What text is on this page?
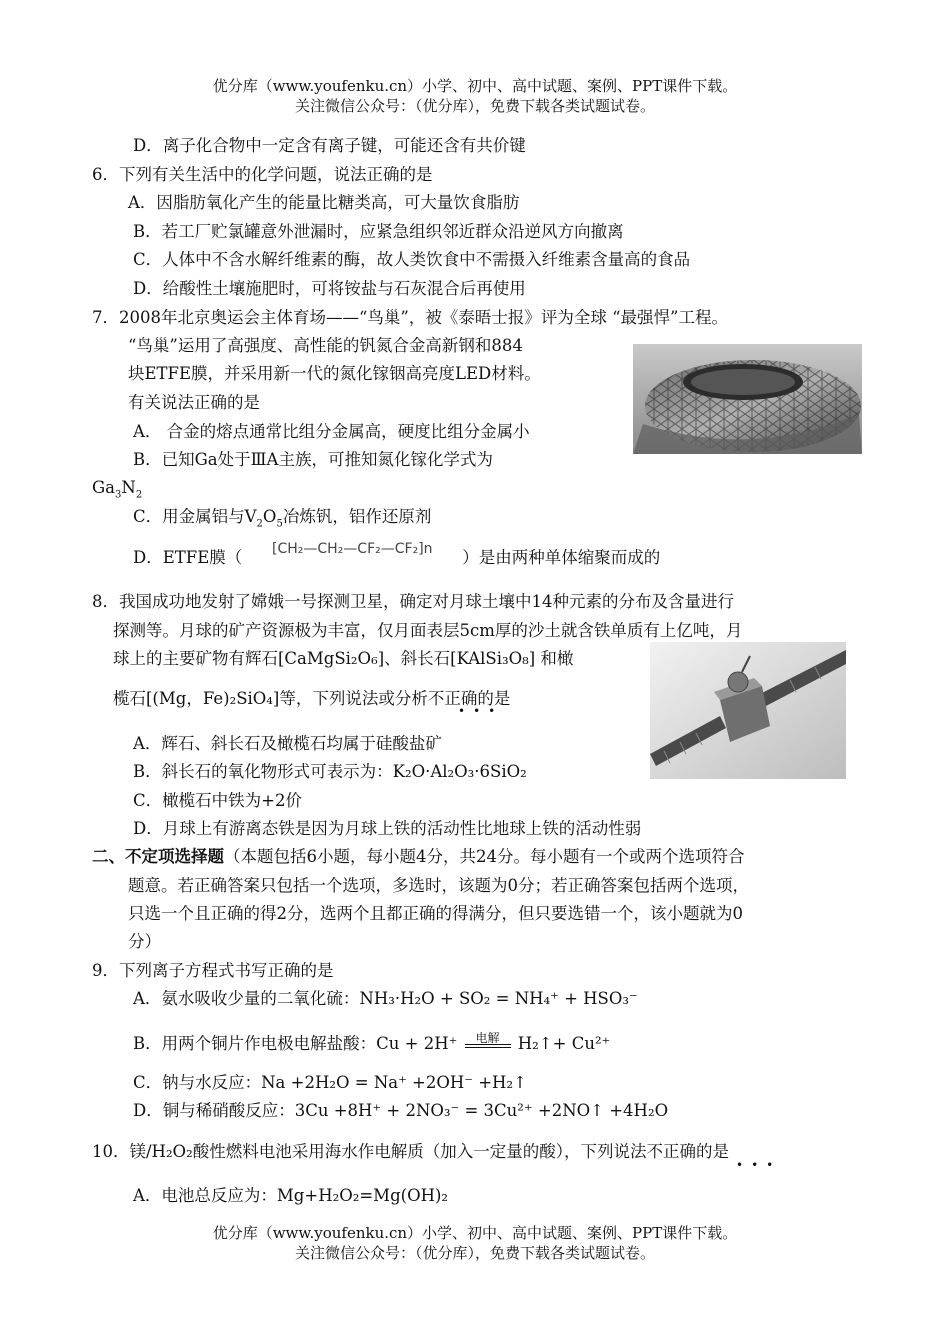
优分库（www.youfenku.cn）小学、初中、高中试题、案例、PPT课件下载。
关注微信公众号：（优分库），免费下载各类试题试卷。
D．离子化合物中一定含有离子键，可能还含有共价键
6．下列有关生活中的化学问题，说法正确的是
A．因脂肪氧化产生的能量比糖类高，可大量饮食脂肪
B．若工厂贮氯罐意外泄漏时，应紧急组织邻近群众沿逆风方向撤离
C．人体中不含水解纤维素的酶，故人类饮食中不需摄入纤维素含量高的食品
D．给酸性土壤施肥时，可将铵盐与石灰混合后再使用
7．2008年北京奥运会主体育场——“鸟巢”，被《泰晤士报》评为全球 “最强悍”工程。
“鸟巢”运用了高强度、高性能的钒氮合金高新钢和884
块ETFE膜，并采用新一代的氮化镓铟高亮度LED材料。
有关说法正确的是
A． 合金的熔点通常比组分金属高，硬度比组分金属小
B．已知Ga处于ⅢA主族，可推知氮化镓化学式为
$Ga_3N_2$
C．用金属铝与$V_2O_5$冶炼钒，铝作还原剂
D．ETFE膜（ [CH₂—CH₂—CF₂—CF₂]n ）是由两种单体缩聚而成的
8．我国成功地发射了嫦娥一号探测卫星，确定对月球土壤中14种元素的分布及含量进行
探测等。月球的矿产资源极为丰富，仅月面表层5cm厚的沙土就含铁单质有上亿吨，月
球上的主要矿物有辉石[CaMgSi₂O₆]、斜长石[KAlSi₃O₈] 和橄
榄石[(Mg，Fe)₂SiO₄]等，下列说法或分析不正确的是
•••
A．辉石、斜长石及橄榄石均属于硅酸盐矿
B．斜长石的氧化物形式可表示为：K₂O·Al₂O₃·6SiO₂
C．橄榄石中铁为+2价
D．月球上有游离态铁是因为月球上铁的活动性比地球上铁的活动性弱
二、不定项选择题（本题包括6小题，每小题4分，共24分。每小题有一个或两个选项符合
题意。若正确答案只包括一个选项，多选时，该题为0分；若正确答案包括两个选项，
只选一个且正确的得2分，选两个且都正确的得满分，但只要选错一个，该小题就为0
分）
9．下列离子方程式书写正确的是
A．氨水吸收少量的二氧化硫：NH₃·H₂O + SO₂ = NH₄⁺ + HSO₃⁻
B．用两个铜片作电极电解盐酸：Cu + 2H⁺	电解	H₂↑+ Cu²⁺
C．钠与水反应：Na +2H₂O = Na⁺ +2OH⁻ +H₂↑
D．铜与稀硝酸反应：3Cu +8H⁺ + 2NO₃⁻ = 3Cu²⁺ +2NO↑ +4H₂O
10．镁/H₂O₂酸性燃料电池采用海水作电解质（加入一定量的酸），下列说法不正确的是
•••
A．电池总反应为：Mg+H₂O₂=Mg(OH)₂
优分库（www.youfenku.cn）小学、初中、高中试题、案例、PPT课件下载。
关注微信公众号：（优分库），免费下载各类试题试卷。
